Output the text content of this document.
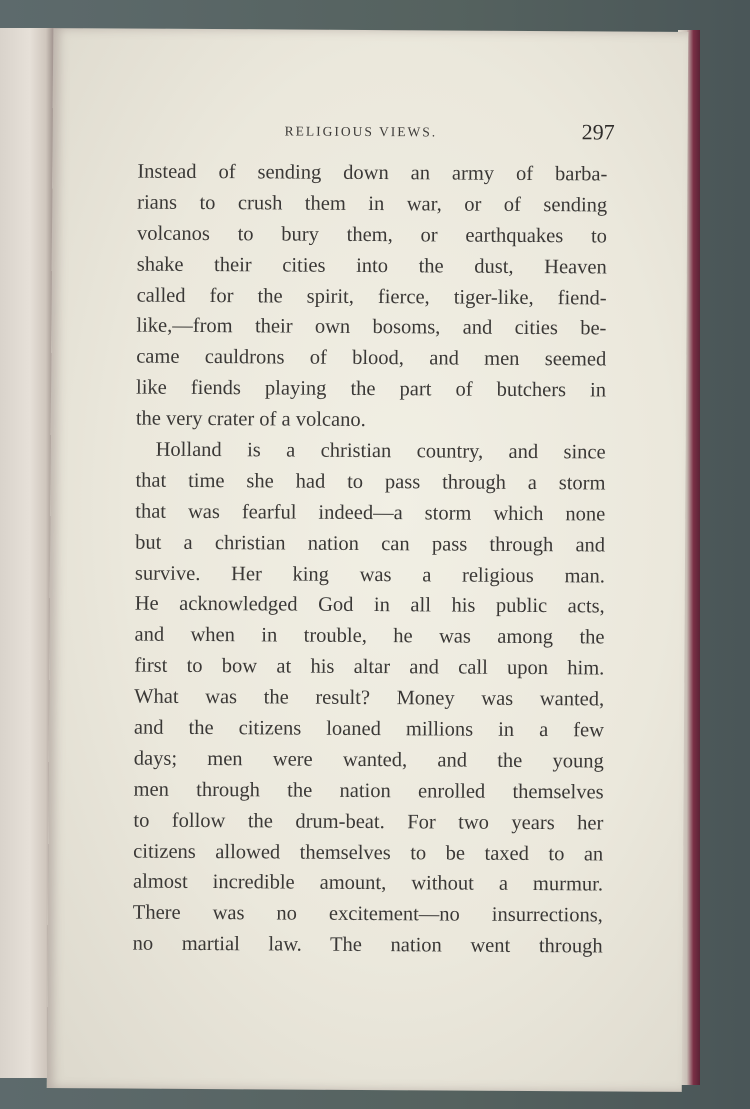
RELIGIOUS VIEWS.	297
Instead of sending down an army of barba-
rians to crush them in war, or of sending
volcanos to bury them, or earthquakes to
shake their cities into the dust, Heaven
called for the spirit, fierce, tiger-like, fiend-
like,—from their own bosoms, and cities be-
came cauldrons of blood, and men seemed
like fiends playing the part of butchers in
the very crater of a volcano.
Holland is a christian country, and since
that time she had to pass through a storm
that was fearful indeed—a storm which none
but a christian nation can pass through and
survive. Her king was a religious man.
He acknowledged God in all his public acts,
and when in trouble, he was among the
first to bow at his altar and call upon him.
What was the result? Money was wanted,
and the citizens loaned millions in a few
days; men were wanted, and the young
men through the nation enrolled themselves
to follow the drum-beat. For two years her
citizens allowed themselves to be taxed to an
almost incredible amount, without a murmur.
There was no excitement—no insurrections,
no martial law. The nation went through
